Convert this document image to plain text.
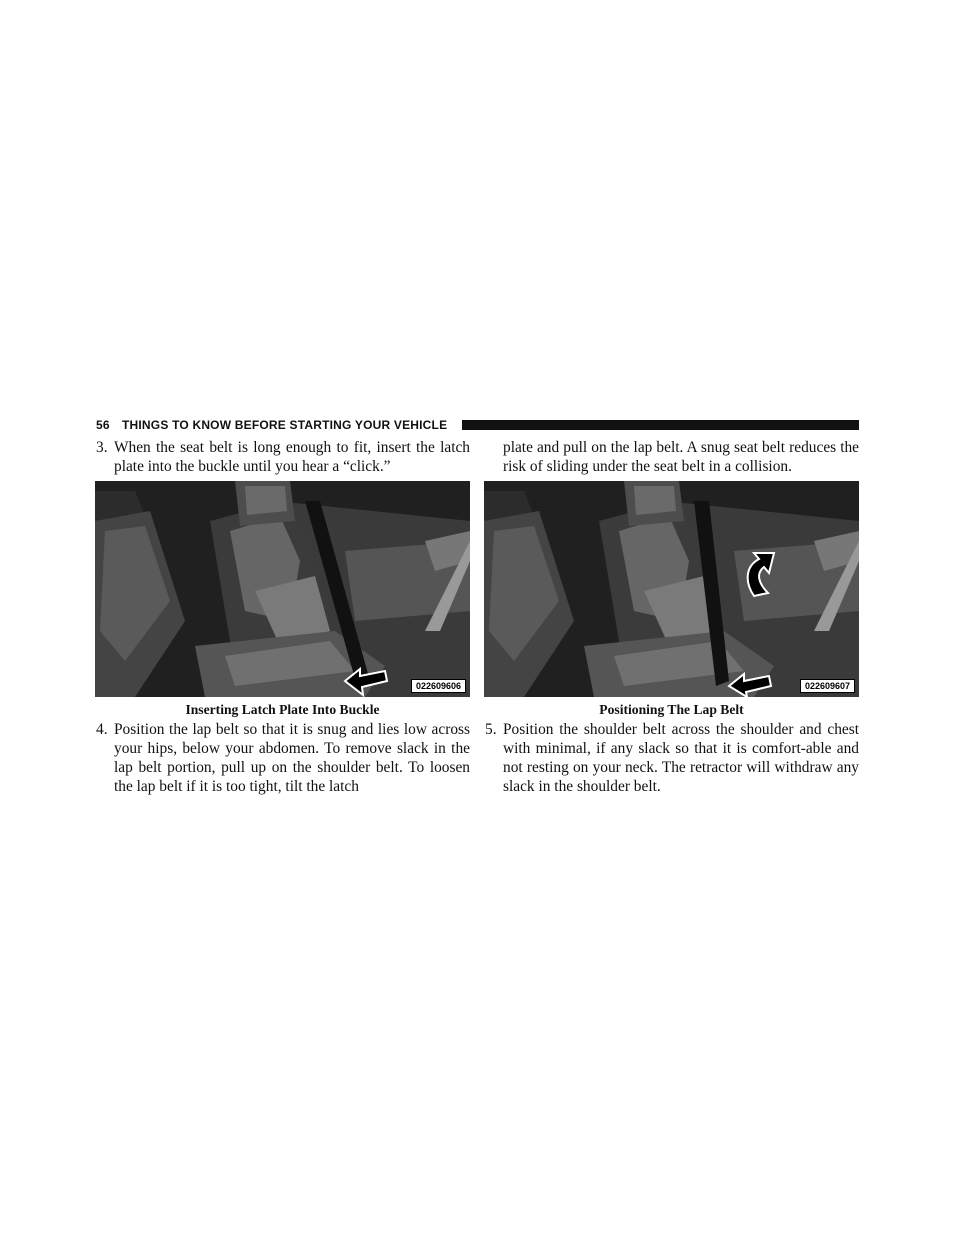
56 THINGS TO KNOW BEFORE STARTING YOUR VEHICLE
3. When the seat belt is long enough to fit, insert the latch plate into the buckle until you hear a “click.”
022609606
Inserting Latch Plate Into Buckle
4. Position the lap belt so that it is snug and lies low across your hips, below your abdomen. To remove slack in the lap belt portion, pull up on the shoulder belt. To loosen the lap belt if it is too tight, tilt the latch
plate and pull on the lap belt. A snug seat belt reduces the risk of sliding under the seat belt in a collision.
022609607
Positioning The Lap Belt
5. Position the shoulder belt across the shoulder and chest with minimal, if any slack so that it is comfort-able and not resting on your neck. The retractor will withdraw any slack in the shoulder belt.
